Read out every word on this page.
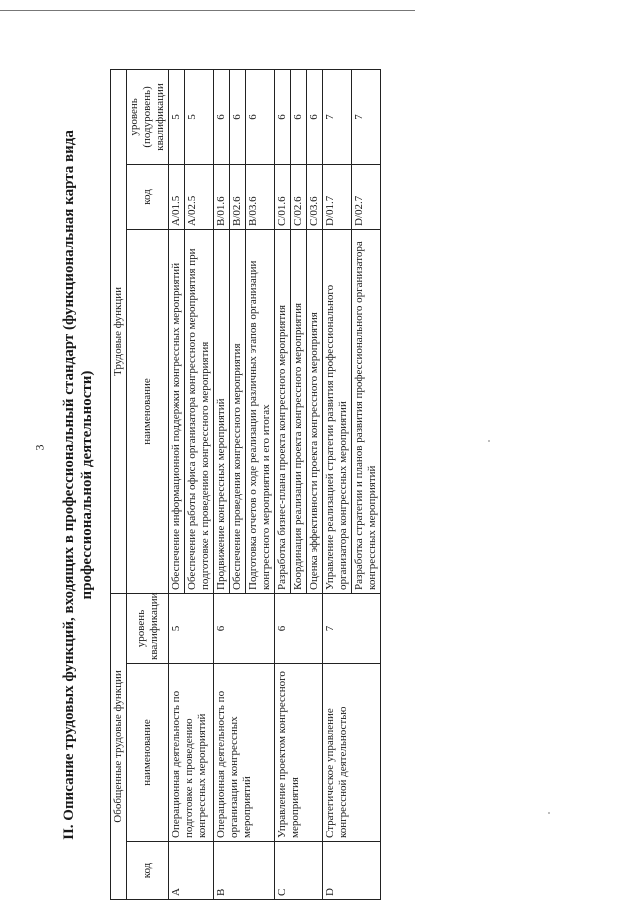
3 II. Описание трудовых функций, входящих в профессиональный стандарт (функциональная карта вида профессиональной деятельности)
Обобщенные трудовые функции			Трудовые функции		
код	наименование	уровень квалификации	наименование	код	уровень (подуровень) квалификации
A	Операционная деятельность по подготовке к проведению конгрессных мероприятий	5	Обеспечение информационной поддержки конгрессных мероприятий	A/01.5	5
			Обеспечение работы офиса организатора конгрессного мероприятия при подготовке к проведению конгрессного мероприятия	A/02.5	5
B	Операционная деятельность по организации конгрессных мероприятий	6	Продвижение конгрессных мероприятий	B/01.6	6
			Обеспечение проведения конгрессного мероприятия	B/02.6	6
			Подготовка отчетов о ходе реализации различных этапов организации конгрессного мероприятия и его итогах	B/03.6	6
C	Управление проектом конгрессного мероприятия	6	Разработка бизнес-плана проекта конгрессного мероприятия	C/01.6	6
			Координация реализации проекта конгрессного мероприятия	C/02.6	6
			Оценка эффективности проекта конгрессного мероприятия	C/03.6	6
D	Стратегическое управление конгрессной деятельностью	7	Управление реализацией стратегии развития профессионального организатора конгрессных мероприятий	D/01.7	7
			Разработка стратегии и планов развития профессионального организатора конгрессных мероприятий	D/02.7	7
